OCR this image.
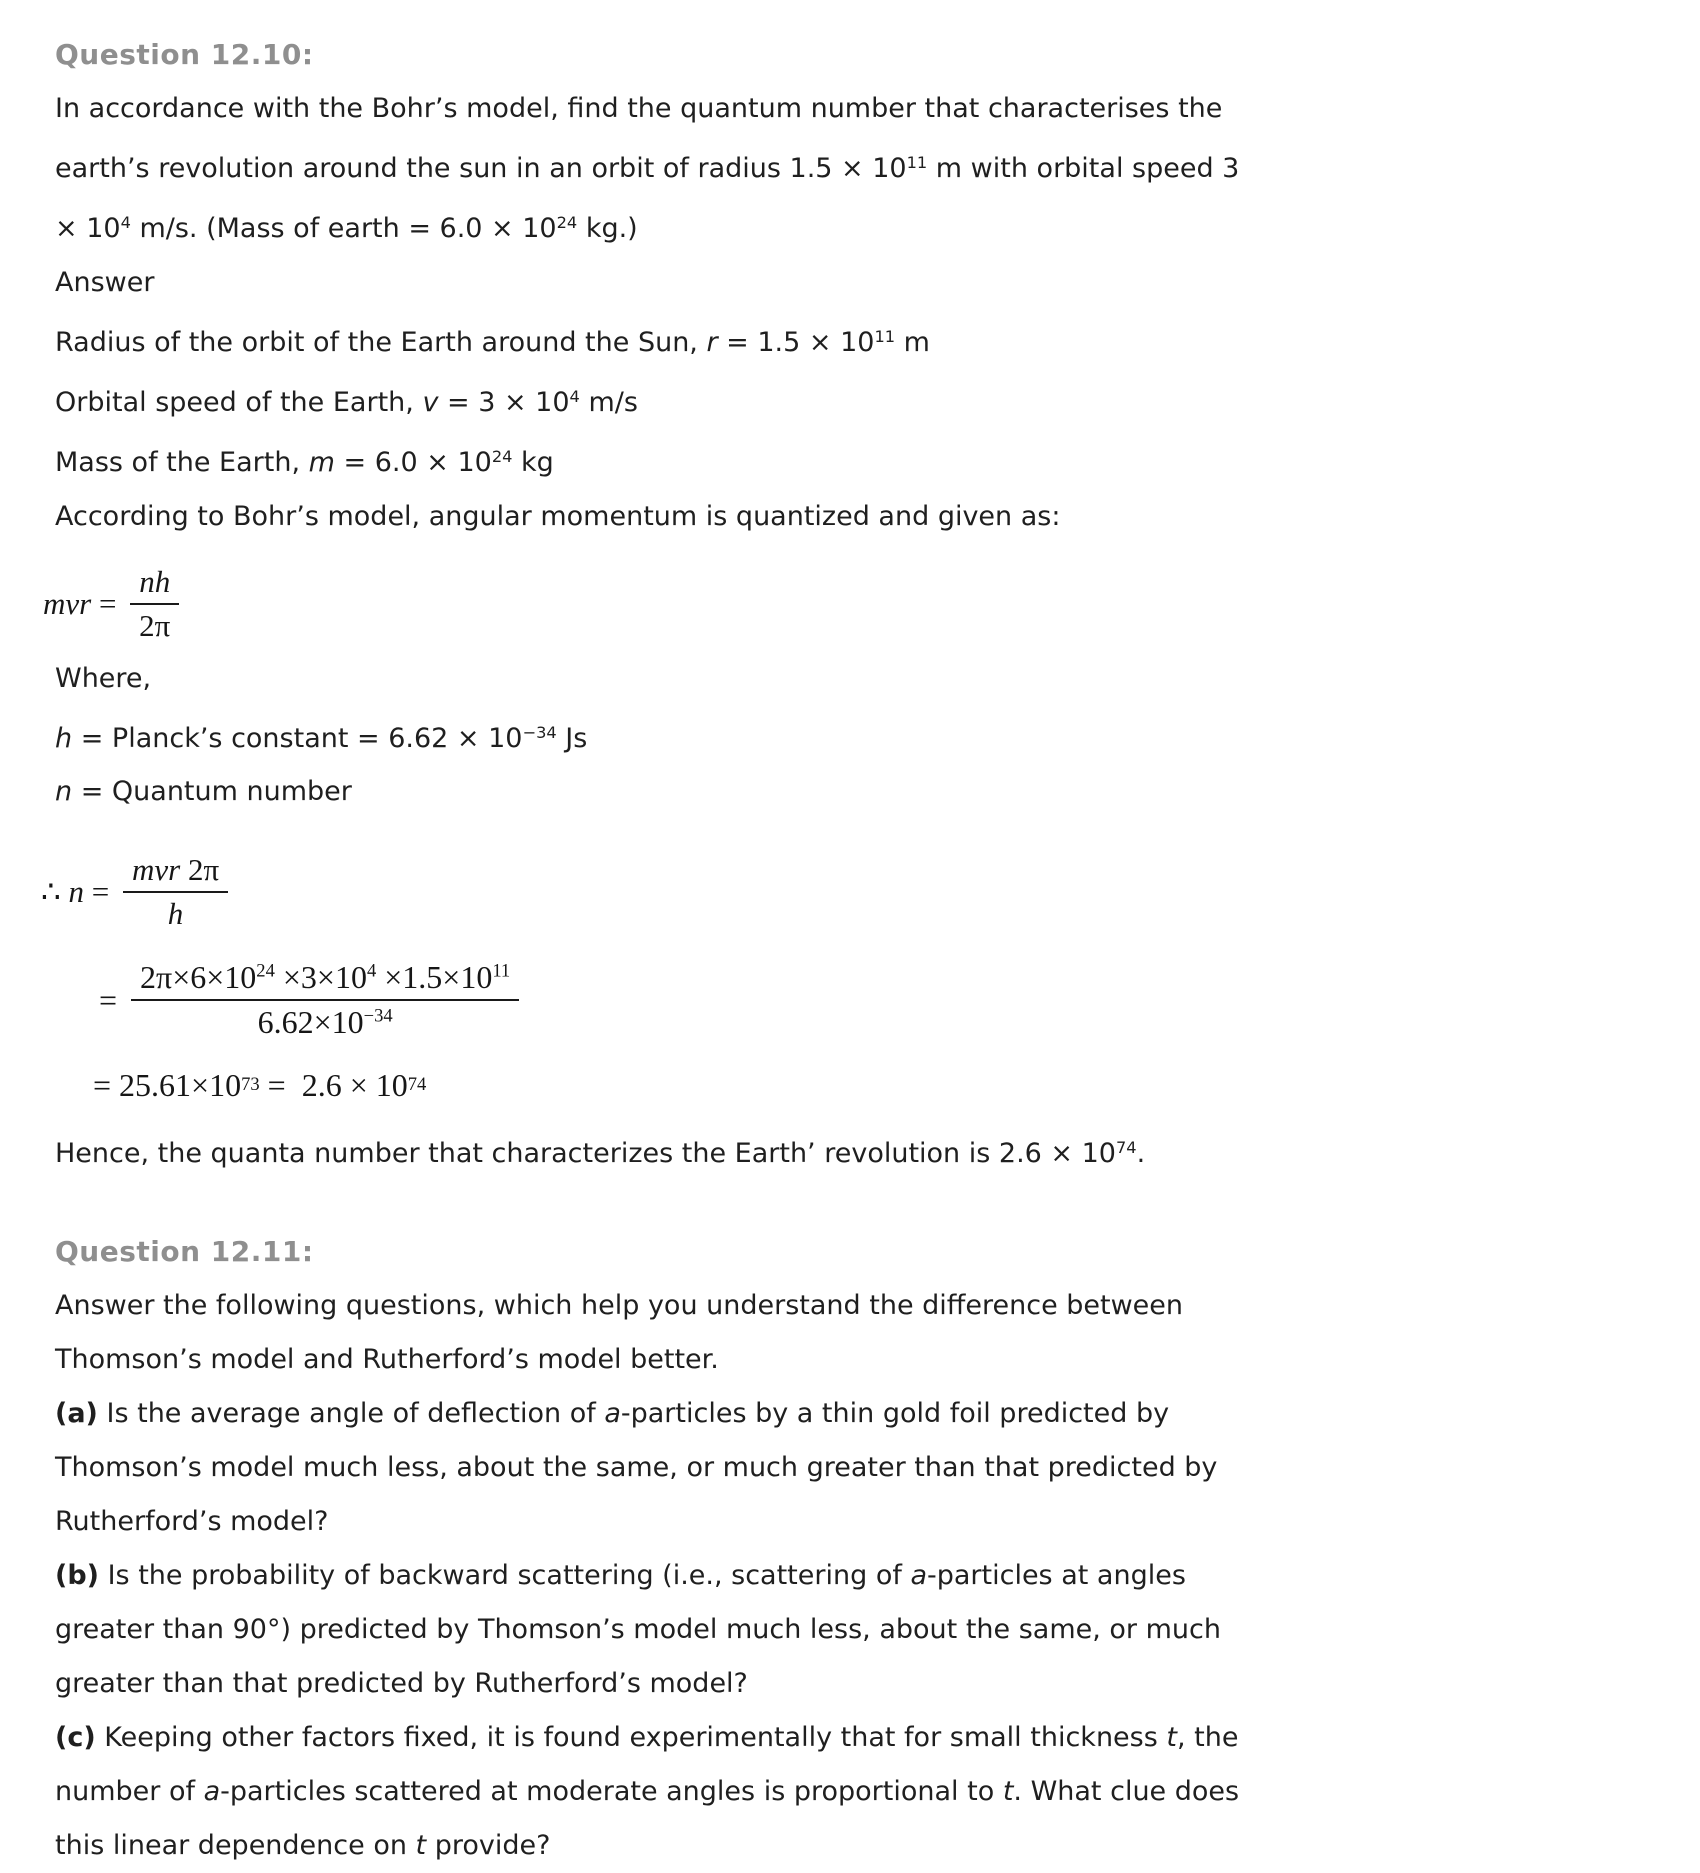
Question 12.10:
In accordance with the Bohr’s model, find the quantum number that characterises the
earth’s revolution around the sun in an orbit of radius $1.5 \times 10^{11}$ m with orbital speed 3
× $10^4$ m/s. (Mass of earth = $6.0 \times 10^{24}$ kg.)
Answer
Radius of the orbit of the Earth around the Sun, $r = 1.5 \times 10^{11}$ m
Orbital speed of the Earth, $v = 3 \times 10^4$ m/s
Mass of the Earth, $m = 6.0 \times 10^{24}$ kg
According to Bohr’s model, angular momentum is quantized and given as:
mvr = $\frac{nh}{2\pi}$
Where,
h = Planck’s constant = $6.62 \times 10^{-34}$ Js
n = Quantum number
∴ $n = \frac{\text{mvr 2π}}{h}$
= $\frac{2\pi\times 6\times 10^{24} \times 3\times 10^4 \times 1.5\times 10^{11}}{6.62\times 10^{-34}}$
= 25.61×10 73 =  2.6 × 10 74
Hence, the quanta number that characterizes the Earth’ revolution is $2.6 \times 10^{74}$.
Question 12.11:
Answer the following questions, which help you understand the difference between
Thomson’s model and Rutherford’s model better.
(a) Is the average angle of deflection of a-particles by a thin gold foil predicted by
Thomson’s model much less, about the same, or much greater than that predicted by
Rutherford’s model?
(b) Is the probability of backward scattering (i.e., scattering of a-particles at angles
greater than 90°) predicted by Thomson’s model much less, about the same, or much
greater than that predicted by Rutherford’s model?
(c) Keeping other factors fixed, it is found experimentally that for small thickness t, the
number of a-particles scattered at moderate angles is proportional to t. What clue does
this linear dependence on t provide?
